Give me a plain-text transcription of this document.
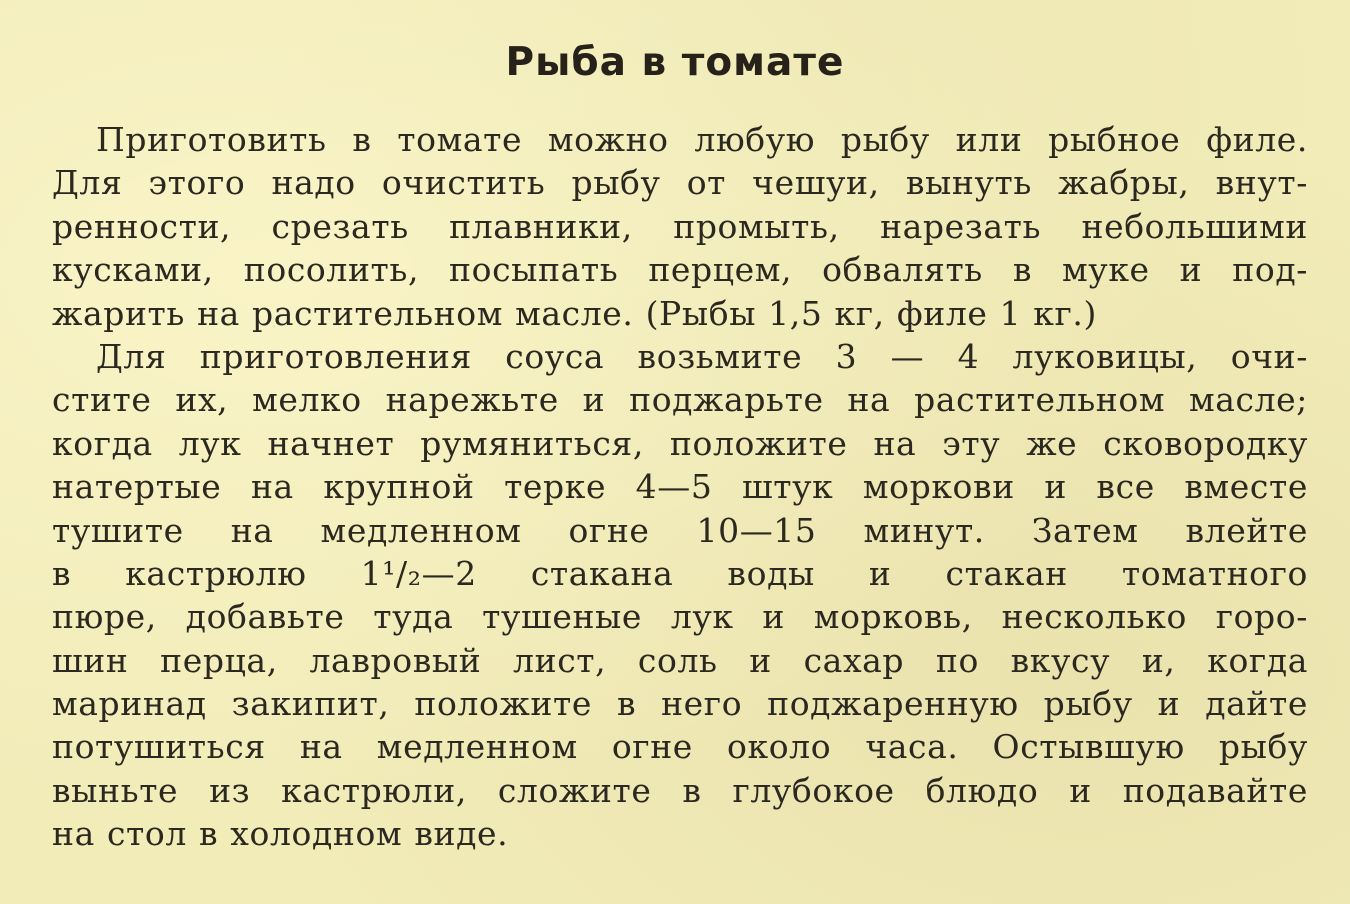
Рыба в томате
Приготовить в томате можно любую рыбу или рыбное филе.
Для этого надо очистить рыбу от чешуи, вынуть жабры, внут-
ренности, срезать плавники, промыть, нарезать небольшими
кусками, посолить, посыпать перцем, обвалять в муке и под-
жарить на растительном масле. (Рыбы 1,5 кг, филе 1 кг.)
Для приготовления соуса возьмите 3 — 4 луковицы, очи-
стите их, мелко нарежьте и поджарьте на растительном масле;
когда лук начнет румяниться, положите на эту же сковородку
натертые на крупной терке 4—5 штук моркови и все вместе
тушите на медленном огне 10—15 минут. Затем влейте
в кастрюлю 1¹/₂—2 стакана воды и стакан томатного
пюре, добавьте туда тушеные лук и морковь, несколько горо-
шин перца, лавровый лист, соль и сахар по вкусу и, когда
маринад закипит, положите в него поджаренную рыбу и дайте
потушиться на медленном огне около часа. Остывшую рыбу
выньте из кастрюли, сложите в глубокое блюдо и подавайте
на стол в холодном виде.
